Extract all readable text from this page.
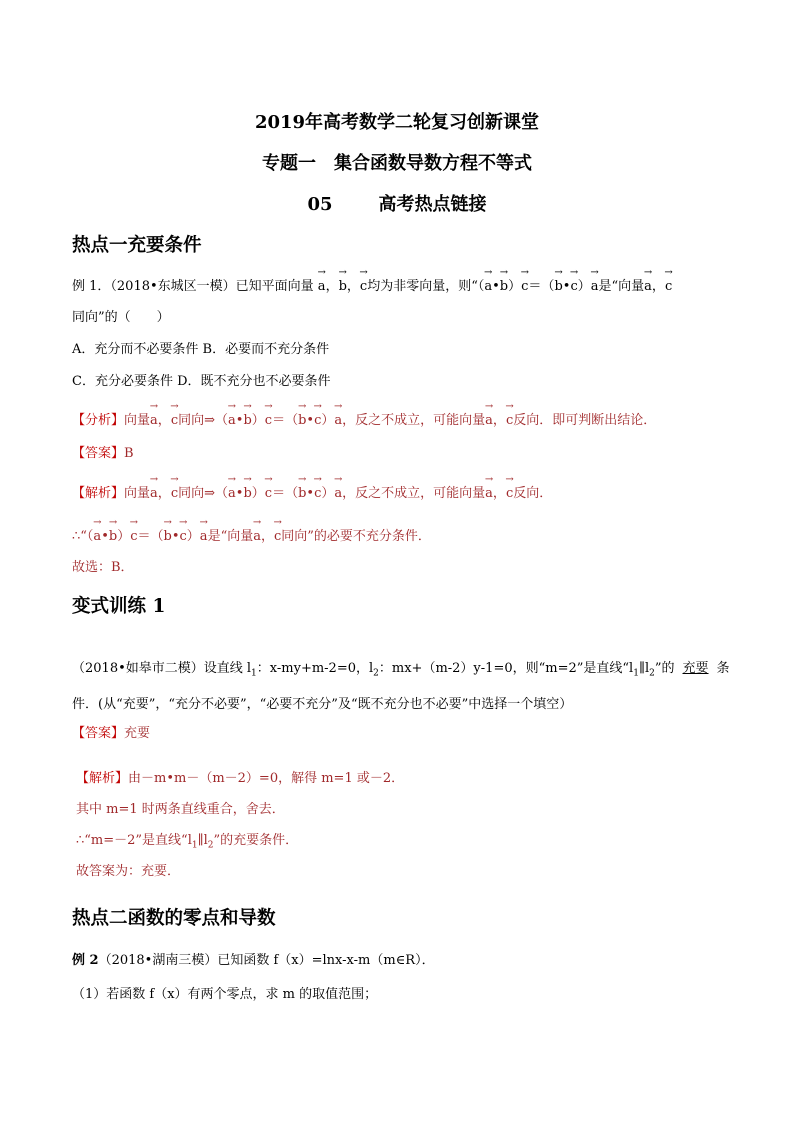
2019年高考数学二轮复习创新课堂
专题一　集合函数导数方程不等式
05	高考热点链接
热点一充要条件
例 1．（2018•东城区一模）已知平面向量 → a，→ b，→ c均为非零向量，则“（→ a•→ b）→ c＝（→ b•→ c）→ a是“向量→ a，→ c
同向”的（　　）
A．充分而不必要条件 B．必要而不充分条件
C．充分必要条件 D．既不充分也不必要条件
【分析】向量→ a，→ c同向⇒（→ a•→ b）→ c＝（→ b•→ c）→ a，反之不成立，可能向量→ a，→ c反向．即可判断出结论．
【答案】B
【解析】向量→ a，→ c同向⇒（→ a•→ b）→ c＝（→ b•→ c）→ a，反之不成立，可能向量→ a，→ c反向．
∴“（→ a•→ b）→ c＝（→ b•→ c）→ a是“向量→ a，→ c同向”的必要不充分条件．
故选：B．
变式训练 1
（2018•如皋市二模）设直线 $l_1$：x-my+m-2=0，$l_2$：mx+（m-2）y-1=0，则“m=2”是直线“$l_1\parallel l_2$”的 充要 条
件．(从“充要”，“充分不必要”，“必要不充分”及“既不充分也不必要”中选择一个填空）
【答案】充要
【解析】由－m•m－（m－2）=0，解得 m=1 或－2．
其中 m=1 时两条直线重合，舍去．
∴“m=－2”是直线“$l_1\parallel l_2$”的充要条件．
故答案为：充要．
热点二函数的零点和导数
例 2（2018•湖南三模）已知函数 f（x）=lnx-x-m（m∈R）．
（1）若函数 f（x）有两个零点，求 m 的取值范围；
